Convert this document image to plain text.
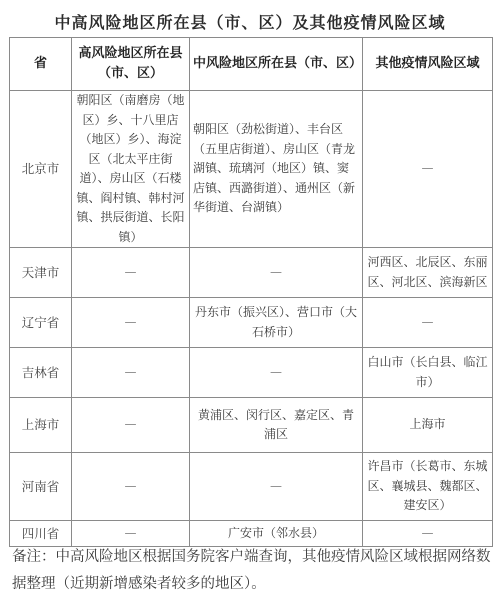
中高风险地区所在县（市、区）及其他疫情风险区域
省	高风险地区所在县（市、区）	中风险地区所在县（市、区）	其他疫情风险区域
北京市	朝阳区（南磨房（地区）乡、十八里店（地区）乡）、海淀区（北太平庄街道）、房山区（石楼镇、阎村镇、韩村河镇、拱辰街道、长阳镇）	朝阳区（劲松街道）、丰台区（五里店街道）、房山区（青龙湖镇、琉璃河（地区）镇、窦店镇、西潞街道）、通州区（新华街道、台湖镇）	—
天津市	—	—	河西区、北辰区、东丽区、河北区、滨海新区
辽宁省	—	丹东市（振兴区）、营口市（大石桥市）	—
吉林省	—	—	白山市（长白县、临江市）
上海市	—	黄浦区、闵行区、嘉定区、青浦区	上海市
河南省	—	—	许昌市（长葛市、东城区、襄城县、魏都区、建安区）
四川省	—	广安市（邻水县）	—
备注：中高风险地区根据国务院客户端查询，其他疫情风险区域根据网络数据整理（近期新增感染者较多的地区）。
